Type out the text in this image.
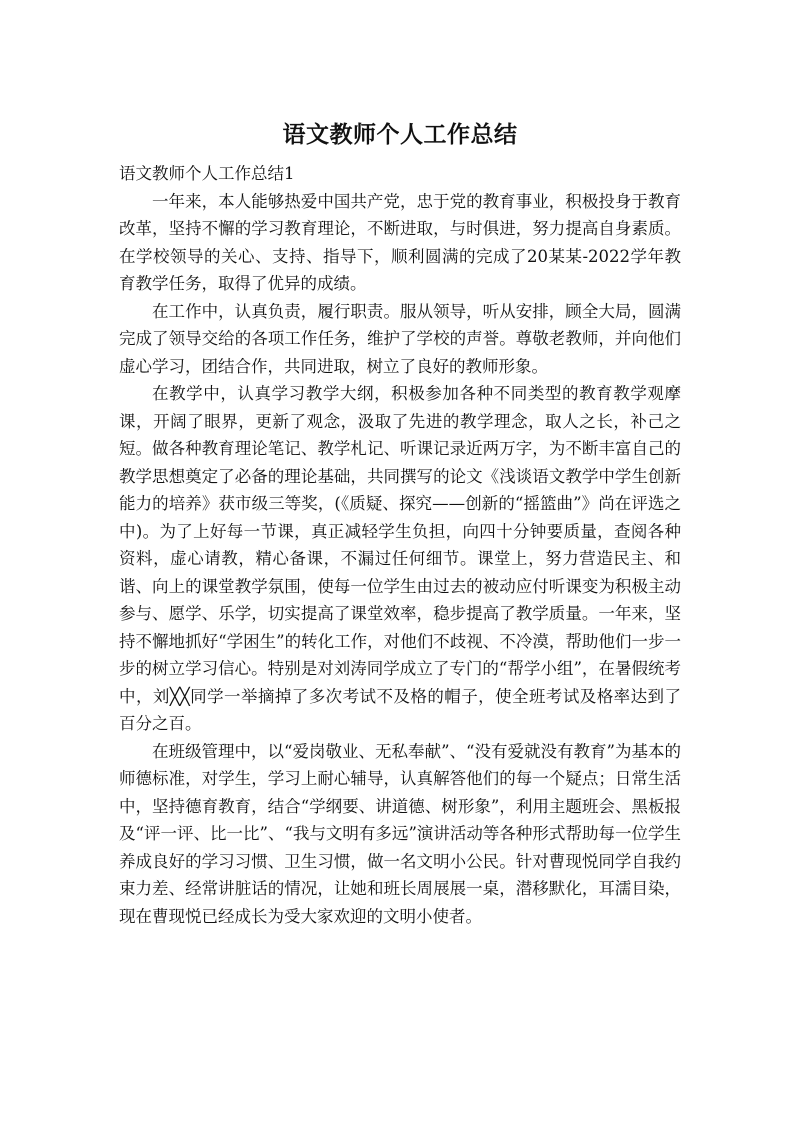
语文教师个人工作总结

语文教师个人工作总结1

一年来，本人能够热爱中国共产党，忠于党的教育事业，积极投身于教育改革，坚持不懈的学习教育理论，不断进取，与时俱进，努力提高自身素质。在学校领导的关心、支持、指导下，顺利圆满的完成了20某某-2022学年教育教学任务，取得了优异的成绩。

在工作中，认真负责，履行职责。服从领导，听从安排，顾全大局，圆满完成了领导交给的各项工作任务，维护了学校的声誉。尊敬老教师，并向他们虚心学习，团结合作，共同进取，树立了良好的教师形象。

在教学中，认真学习教学大纲，积极参加各种不同类型的教育教学观摩课，开阔了眼界，更新了观念，汲取了先进的教学理念，取人之长，补己之短。做各种教育理论笔记、教学札记、听课记录近两万字，为不断丰富自己的教学思想奠定了必备的理论基础，共同撰写的论文《浅谈语文教学中学生创新能力的培养》获市级三等奖，(《质疑、探究——创新的“摇篮曲”》尚在评选之中)。为了上好每一节课，真正减轻学生负担，向四十分钟要质量，查阅各种资料，虚心请教，精心备课，不漏过任何细节。课堂上，努力营造民主、和谐、向上的课堂教学氛围，使每一位学生由过去的被动应付听课变为积极主动参与、愿学、乐学，切实提高了课堂效率，稳步提高了教学质量。一年来，坚持不懈地抓好“学困生”的转化工作，对他们不歧视、不冷漠，帮助他们一步一步的树立学习信心。特别是对刘涛同学成立了专门的“帮学小组”，在暑假统考中，刘╳╳同学一举摘掉了多次考试不及格的帽子，使全班考试及格率达到了百分之百。

在班级管理中，以“爱岗敬业、无私奉献”、“没有爱就没有教育”为基本的师德标准，对学生，学习上耐心辅导，认真解答他们的每一个疑点；日常生活中，坚持德育教育，结合“学纲要、讲道德、树形象”，利用主题班会、黑板报及“评一评、比一比”、“我与文明有多远”演讲活动等各种形式帮助每一位学生养成良好的学习习惯、卫生习惯，做一名文明小公民。针对曹现悦同学自我约束力差、经常讲脏话的情况，让她和班长周展展一桌，潜移默化，耳濡目染，现在曹现悦已经成长为受大家欢迎的文明小使者。
